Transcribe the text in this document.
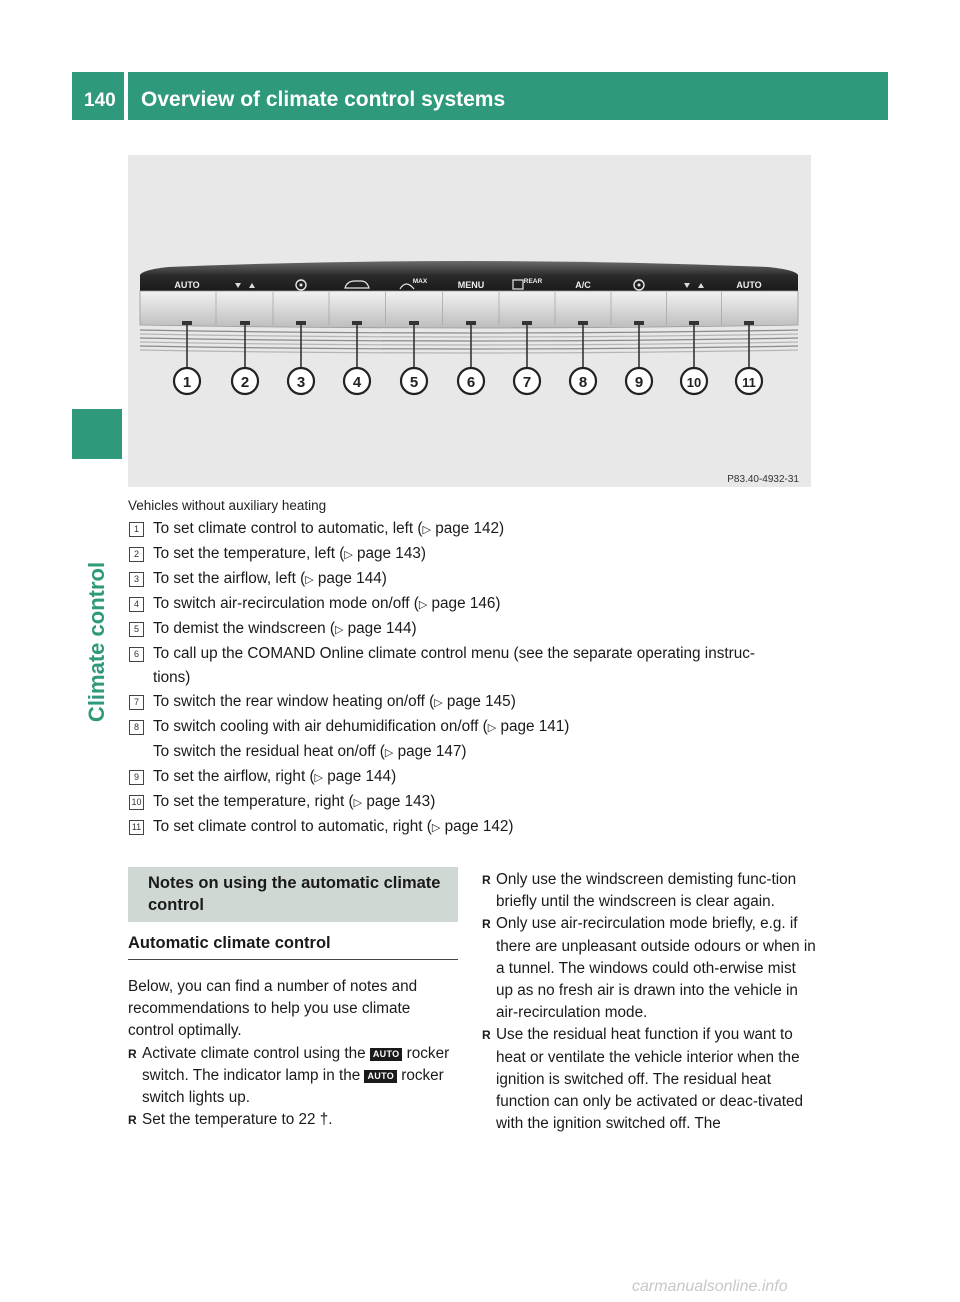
140 Overview of climate control systems
Climate control
AUTO	MAX	MENU	REAR	A/C
REST
AUTO
1	2	3	4	5	6	7	8	9	10	11
P83.40-4932-31
Vehicles without auxiliary heating
1 To set climate control to automatic, left (▷ page 142)
2 To set the temperature, left (▷ page 143)
3 To set the airflow, left (▷ page 144)
4 To switch air-recirculation mode on/off (▷ page 146)
5 To demist the windscreen (▷ page 144)
6 To call up the COMAND Online climate control menu (see the separate operating instruc-
tions)
7 To switch the rear window heating on/off (▷ page 145)
8 To switch cooling with air dehumidification on/off (▷ page 141)
To switch the residual heat on/off (▷ page 147)
9 To set the airflow, right (▷ page 144)
10 To set the temperature, right (▷ page 143)
11 To set climate control to automatic, right (▷ page 142)
Notes on using the automatic climate control
Automatic climate control
Below, you can find a number of notes and recommendations to help you use climate control optimally.
R Activate climate control using the AUTO rocker switch. The indicator lamp in the AUTO rocker switch lights up.
R Set the temperature to 22 †.
R Only use the windscreen demisting func-tion briefly until the windscreen is clear again.
R Only use air-recirculation mode briefly, e.g. if there are unpleasant outside odours or when in a tunnel. The windows could oth-erwise mist up as no fresh air is drawn into the vehicle in air-recirculation mode.
R Use the residual heat function if you want to heat or ventilate the vehicle interior when the ignition is switched off. The residual heat function can only be activated or deac-tivated with the ignition switched off. The
carmanualsonline.info
